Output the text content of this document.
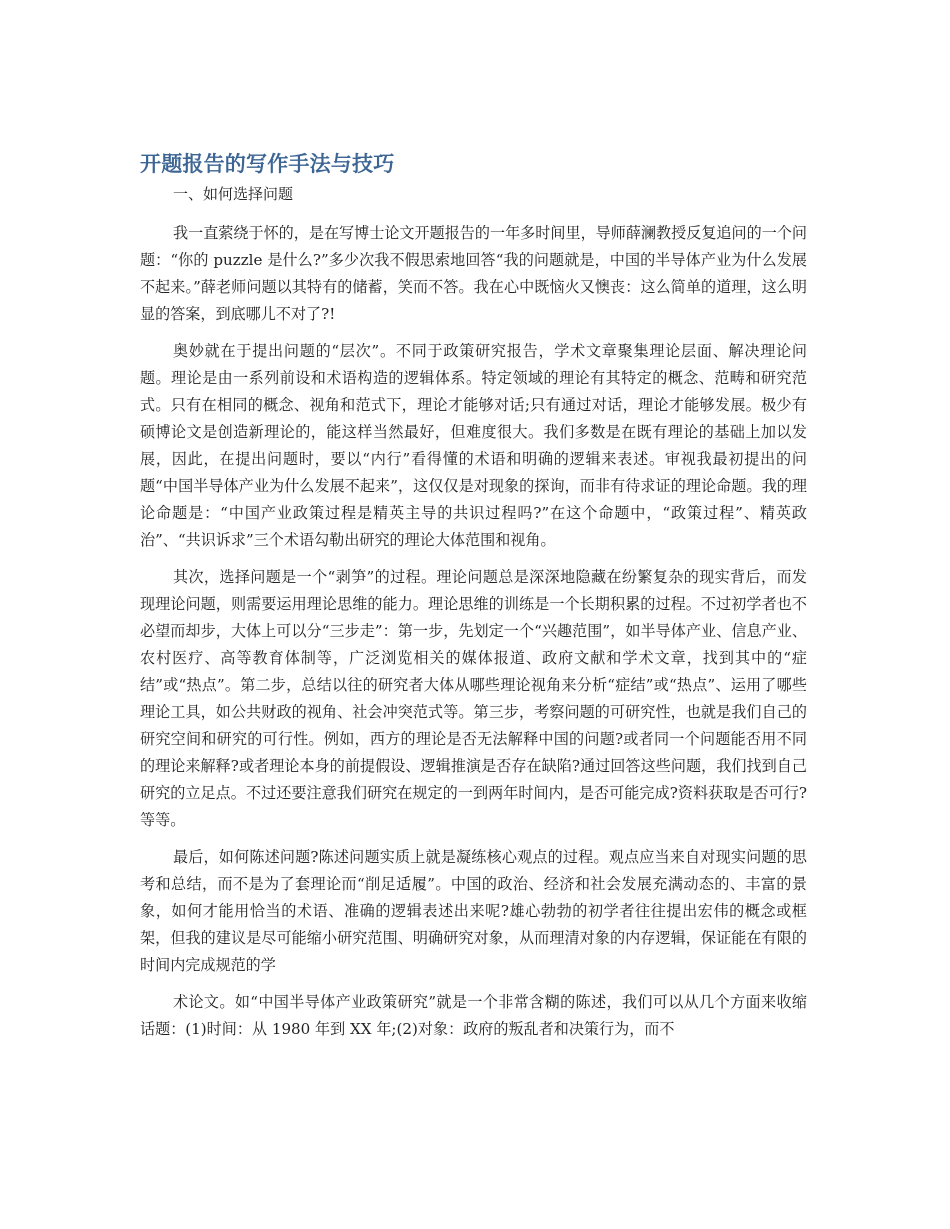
开题报告的写作手法与技巧
一、如何选择问题

我一直萦绕于怀的，是在写博士论文开题报告的一年多时间里，导师薛澜教授反复追问的一个问题：“你的 puzzle 是什么?”多少次我不假思索地回答“我的问题就是，中国的半导体产业为什么发展不起来。”薛老师问题以其特有的储蓄，笑而不答。我在心中既恼火又懊丧：这么简单的道理，这么明显的答案，到底哪儿不对了?!

奥妙就在于提出问题的“层次”。不同于政策研究报告，学术文章聚集理论层面、解决理论问题。理论是由一系列前设和术语构造的逻辑体系。特定领域的理论有其特定的概念、范畴和研究范式。只有在相同的概念、视角和范式下，理论才能够对话;只有通过对话，理论才能够发展。极少有硕博论文是创造新理论的，能这样当然最好，但难度很大。我们多数是在既有理论的基础上加以发展，因此，在提出问题时，要以“内行”看得懂的术语和明确的逻辑来表述。审视我最初提出的问题“中国半导体产业为什么发展不起来”，这仅仅是对现象的探询，而非有待求证的理论命题。我的理论命题是：“中国产业政策过程是精英主导的共识过程吗?”在这个命题中，“政策过程”、精英政治”、“共识诉求”三个术语勾勒出研究的理论大体范围和视角。

其次，选择问题是一个“剥笋”的过程。理论问题总是深深地隐藏在纷繁复杂的现实背后，而发现理论问题，则需要运用理论思维的能力。理论思维的训练是一个长期积累的过程。不过初学者也不必望而却步，大体上可以分“三步走”：第一步，先划定一个“兴趣范围”，如半导体产业、信息产业、农村医疗、高等教育体制等，广泛浏览相关的媒体报道、政府文献和学术文章，找到其中的“症结”或“热点”。第二步，总结以往的研究者大体从哪些理论视角来分析“症结”或“热点”、运用了哪些理论工具，如公共财政的视角、社会冲突范式等。第三步，考察问题的可研究性，也就是我们自己的研究空间和研究的可行性。例如，西方的理论是否无法解释中国的问题?或者同一个问题能否用不同的理论来解释?或者理论本身的前提假设、逻辑推演是否存在缺陷?通过回答这些问题，我们找到自己研究的立足点。不过还要注意我们研究在规定的一到两年时间内，是否可能完成?资料获取是否可行?等等。

最后，如何陈述问题?陈述问题实质上就是凝练核心观点的过程。观点应当来自对现实问题的思考和总结，而不是为了套理论而“削足适履”。中国的政治、经济和社会发展充满动态的、丰富的景象，如何才能用恰当的术语、准确的逻辑表述出来呢?雄心勃勃的初学者往往提出宏伟的概念或框架，但我的建议是尽可能缩小研究范围、明确研究对象，从而理清对象的内存逻辑，保证能在有限的时间内完成规范的学

术论文。如“中国半导体产业政策研究”就是一个非常含糊的陈述，我们可以从几个方面来收缩话题：(1)时间：从 1980 年到 XX 年;(2)对象：政府的叛乱者和决策行为，而不
